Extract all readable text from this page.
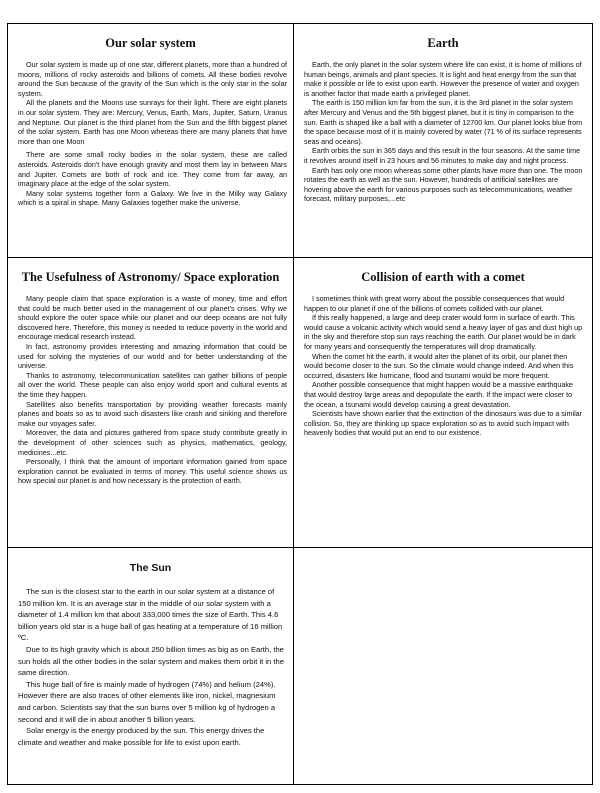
Our solar system

Our solar system is made up of one star, different planets, more than a hundred of moons, millions of rocky asteroids and billions of comets. All these bodies revolve around the Sun because of the gravity of the Sun which is the only star in the solar system.

All the planets and the Moons use sunrays for their light. There are eight planets in our solar system. They are: Mercury, Venus, Earth, Mars, Jupiter, Saturn, Uranus and Neptune. Our planet is the third planet from the Sun and the fifth biggest planet of the solar system. Earth has one Moon whereas there are many planets that have more than one Moon

There are some small rocky bodies in the solar system, these are called asteroids. Asteroids don't have enough gravity and most them lay in between Mars and Jupiter. Comets are both of rock and ice. They come from far away, an imaginary place at the edge of the solar system.

Many solar systems together form a Galaxy. We live in the Milky way Galaxy which is a spiral in shape. Many Galaxies together make the universe.

Earth

Earth, the only planet in the solar system where life can exist, it is home of millions of human beings, animals and plant species. It is light and heat energy from the sun that make it possible or life to exist upon earth. However the presence of water and oxygen is another factor that made earth a privileged planet.

The earth is 150 million km far from the sun, it is the 3rd planet in the solar system after Mercury and Venus and the 5th biggest planet, but it is tiny in comparison to the sun. Earth is shaped like a ball with a diameter of 12700 km. Our planet looks blue from the space because most of it is mainly covered by water (71 % of its surface represents seas and oceans).

Earth orbits the sun in 365 days and this result in the four seasons. At the same time it revolves around itself in 23 hours and 56 minutes to make day and night process.

Earth has only one moon whereas some other plants have more than one. The moon rotates the earth as well as the sun. However, hundreds of artificial satellites are hovering above the earth for various purposes such as telecommunications, weather forecast, military purposes,...etc

The Usefulness of Astronomy/ Space exploration

Many people claim that space exploration is a waste of money, time and effort that could be much better used in the management of our planet's crises. Why we should explore the outer space while our planet and our deep oceans are not fully discovered here. Therefore, this money is needed to reduce poverty in the world and encourage medical research instead.

In fact, astronomy provides interesting and amazing information that could be used for solving the mysteries of our world and for better understanding of the universe.

Thanks to astronomy, telecommunication satellites can gather billions of people all over the world. These people can also enjoy world sport and cultural events at the time they happen.

Satellites also benefits transportation by providing weather forecasts mainly planes and boats so as to avoid such disasters like crash and sinking and therefore make our voyages safer.

Moreover, the data and pictures gathered from space study contribute greatly in the development of other sciences such as physics, mathematics, geology, medicines...etc.

Personally, I think that the amount of important information gained from space exploration cannot be evaluated in terms of money. This useful science shows us how special our planet is and how necessary is the protection of earth.

Collision of earth with a comet

I sometimes think with great worry about the possible consequences that would happen to our planet if one of the billions of comets collided with our planet.

If this really happened, a large and deep crater would form in surface of earth. This would cause a volcanic activity which would send a heavy layer of gas and dust high up in the sky and therefore stop sun rays reaching the earth. Our planet would be in dark for many years and consequently the temperatures will drop dramatically.

When the comet hit the earth, it would alter the planet of its orbit, our planet then would become closer to the sun. So the climate would change indeed. And when this occurred, disasters like hurricane, flood and tsunami would be more frequent.

Another possible consequence that might happen would be a massive earthquake that would destroy large areas and depopulate the earth. If the impact were closer to the ocean, a tsunami would develop causing a great devastation.

Scientists have shown earlier that the extinction of the dinosaurs was due to a similar collision. So, they are thinking up space exploration so as to avoid such impact with heavenly bodies that would put an end to our existence.

The Sun

The sun is the closest star to the earth in our solar system at a distance of 150 million km. It is an average star in the middle of our solar system with a diameter of 1.4 million km that about 333,000 times the size of Earth. This 4.6 billion years old star is a huge ball of gas heating at a temperature of 16 million ºC.

Due to its high gravity which is about 250 billion times as big as on Earth, the sun holds all the other bodies in the solar system and makes them orbit it in the same direction.

This huge ball of fire is mainly made of hydrogen (74%) and helium (24%). However there are also traces of other elements like iron, nickel, magnesium and carbon. Scientists say that the sun burns over 5 million kg of hydrogen a second and it will die in about another 5 billion years.

Solar energy is the energy produced by the sun. This energy drives the climate and weather and make possible for life to exist upon earth.
